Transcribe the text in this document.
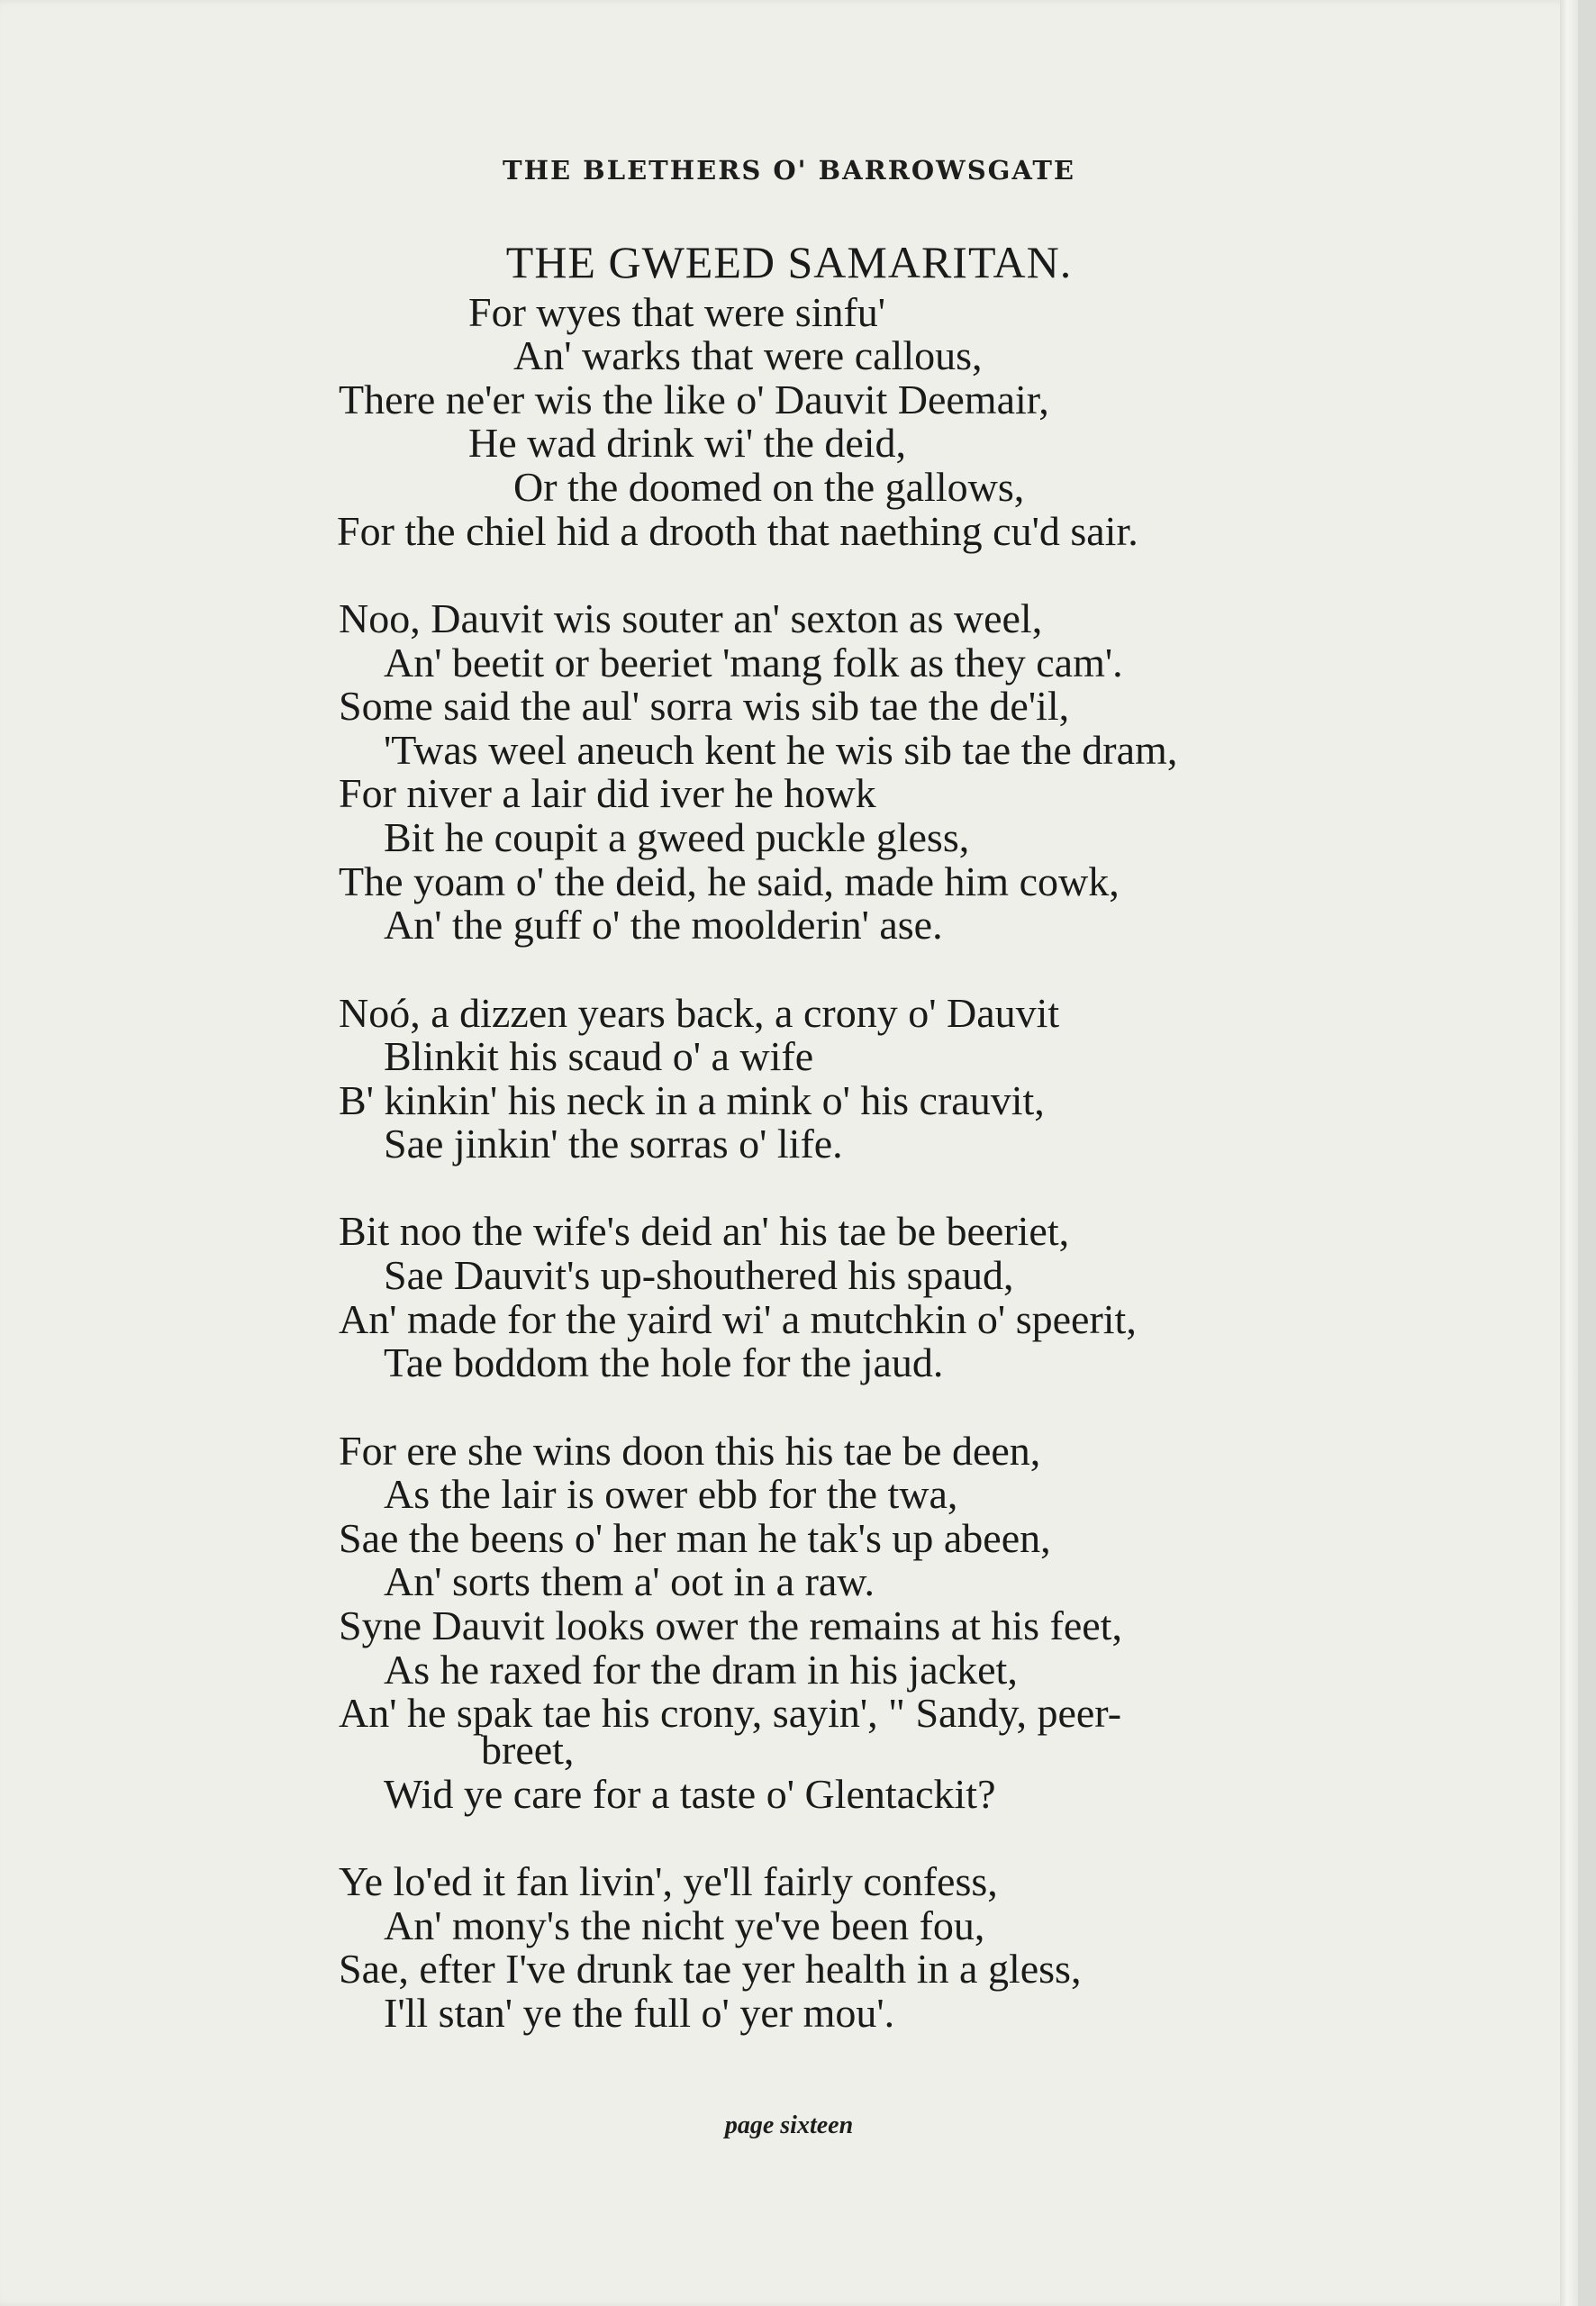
THE BLETHERS O' BARROWSGATE
THE GWEED SAMARITAN.
For wyes that were sinfu'
An' warks that were callous,
There ne'er wis the like o' Dauvit Deemair,
He wad drink wi' the deid,
Or the doomed on the gallows,
For the chiel hid a drooth that naething cu'd sair.
Noo, Dauvit wis souter an' sexton as weel,
An' beetit or beeriet 'mang folk as they cam'.
Some said the aul' sorra wis sib tae the de'il,
'Twas weel aneuch kent he wis sib tae the dram,
For niver a lair did iver he howk
Bit he coupit a gweed puckle gless,
The yoam o' the deid, he said, made him cowk,
An' the guff o' the moolderin' ase.
Noó, a dizzen years back, a crony o' Dauvit
Blinkit his scaud o' a wife
B' kinkin' his neck in a mink o' his crauvit,
Sae jinkin' the sorras o' life.
Bit noo the wife's deid an' his tae be beeriet,
Sae Dauvit's up-shouthered his spaud,
An' made for the yaird wi' a mutchkin o' speerit,
Tae boddom the hole for the jaud.
For ere she wins doon this his tae be deen,
As the lair is ower ebb for the twa,
Sae the beens o' her man he tak's up abeen,
An' sorts them a' oot in a raw.
Syne Dauvit looks ower the remains at his feet,
As he raxed for the dram in his jacket,
An' he spak tae his crony, sayin', " Sandy, peer-
breet,
Wid ye care for a taste o' Glentackit?
Ye lo'ed it fan livin', ye'll fairly confess,
An' mony's the nicht ye've been fou,
Sae, efter I've drunk tae yer health in a gless,
I'll stan' ye the full o' yer mou'.
page sixteen
